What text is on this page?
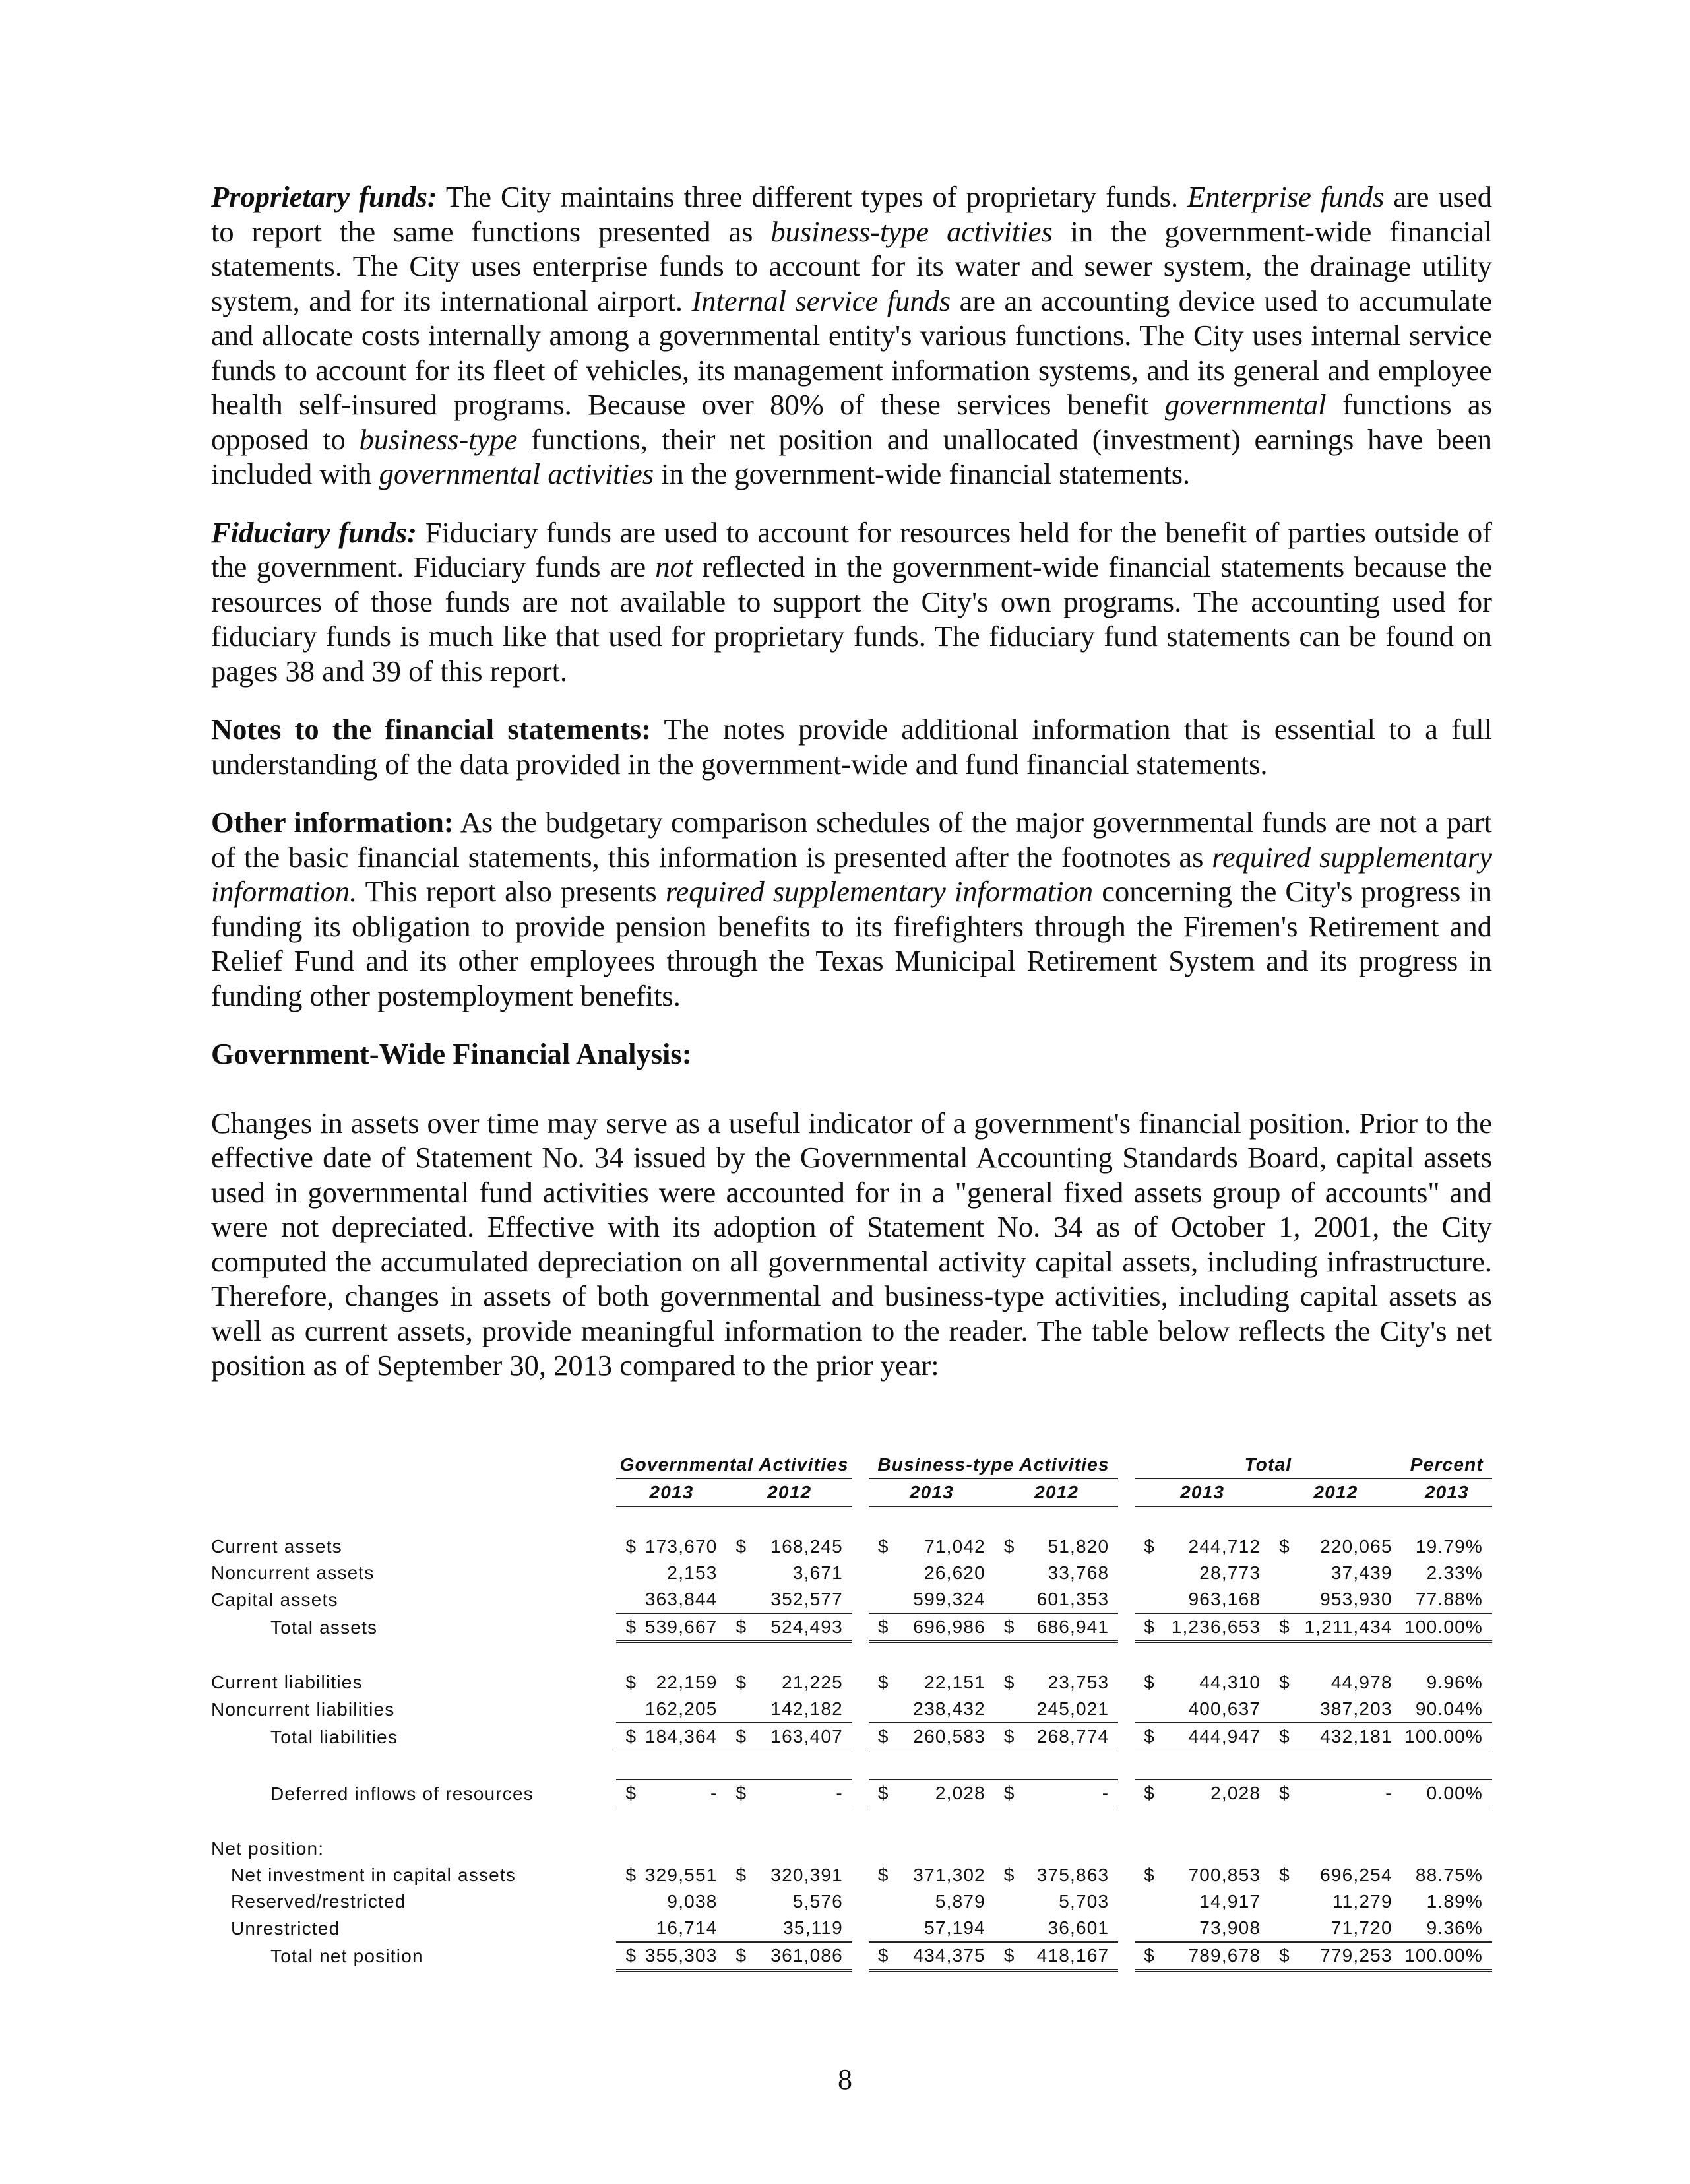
Proprietary funds: The City maintains three different types of proprietary funds. Enterprise funds are used to report the same functions presented as business-type activities in the government-wide financial statements. The City uses enterprise funds to account for its water and sewer system, the drainage utility system, and for its international airport. Internal service funds are an accounting device used to accumulate and allocate costs internally among a governmental entity's various functions. The City uses internal service funds to account for its fleet of vehicles, its management information systems, and its general and employee health self-insured programs. Because over 80% of these services benefit governmental functions as opposed to business-type functions, their net position and unallocated (investment) earnings have been included with governmental activities in the government-wide financial statements.

Fiduciary funds: Fiduciary funds are used to account for resources held for the benefit of parties outside of the government. Fiduciary funds are not reflected in the government-wide financial statements because the resources of those funds are not available to support the City's own programs. The accounting used for fiduciary funds is much like that used for proprietary funds. The fiduciary fund statements can be found on pages 38 and 39 of this report.

Notes to the financial statements: The notes provide additional information that is essential to a full understanding of the data provided in the government-wide and fund financial statements.

Other information: As the budgetary comparison schedules of the major governmental funds are not a part of the basic financial statements, this information is presented after the footnotes as required supplementary information. This report also presents required supplementary information concerning the City's progress in funding its obligation to provide pension benefits to its firefighters through the Firemen's Retirement and Relief Fund and its other employees through the Texas Municipal Retirement System and its progress in funding other postemployment benefits.

Government-Wide Financial Analysis:

Changes in assets over time may serve as a useful indicator of a government's financial position. Prior to the effective date of Statement No. 34 issued by the Governmental Accounting Standards Board, capital assets used in governmental fund activities were accounted for in a "general fixed assets group of accounts" and were not depreciated. Effective with its adoption of Statement No. 34 as of October 1, 2001, the City computed the accumulated depreciation on all governmental activity capital assets, including infrastructure. Therefore, changes in assets of both governmental and business-type activities, including capital assets as well as current assets, provide meaningful information to the reader. The table below reflects the City's net position as of September 30, 2013 compared to the prior year:

	Governmental Activities					Business-type Activities					Total				Percent
	2013		2012			2013		2012			2013		2012		2013

Current assets	$	173,670	$	168,245		$	71,042	$	51,820		$	244,712	$	220,065	19.79%
Noncurrent assets		2,153		3,671			26,620		33,768			28,773		37,439	2.33%
Capital assets		363,844		352,577			599,324		601,353			963,168		953,930	77.88%
Total assets	$	539,667	$	524,493		$	696,986	$	686,941		$	1,236,653	$	1,211,434	100.00%

Current liabilities	$	22,159	$	21,225		$	22,151	$	23,753		$	44,310	$	44,978	9.96%
Noncurrent liabilities		162,205		142,182			238,432		245,021			400,637		387,203	90.04%
Total liabilities	$	184,364	$	163,407		$	260,583	$	268,774		$	444,947	$	432,181	100.00%

Deferred inflows of resources	$	-	$	-		$	2,028	$	-		$	2,028	$	-	0.00%

Net position:															
Net investment in capital assets	$	329,551	$	320,391		$	371,302	$	375,863		$	700,853	$	696,254	88.75%
Reserved/restricted		9,038		5,576			5,879		5,703			14,917		11,279	1.89%
Unrestricted		16,714		35,119			57,194		36,601			73,908		71,720	9.36%
Total net position	$	355,303	$	361,086		$	434,375	$	418,167		$	789,678	$	779,253	100.00%
8
